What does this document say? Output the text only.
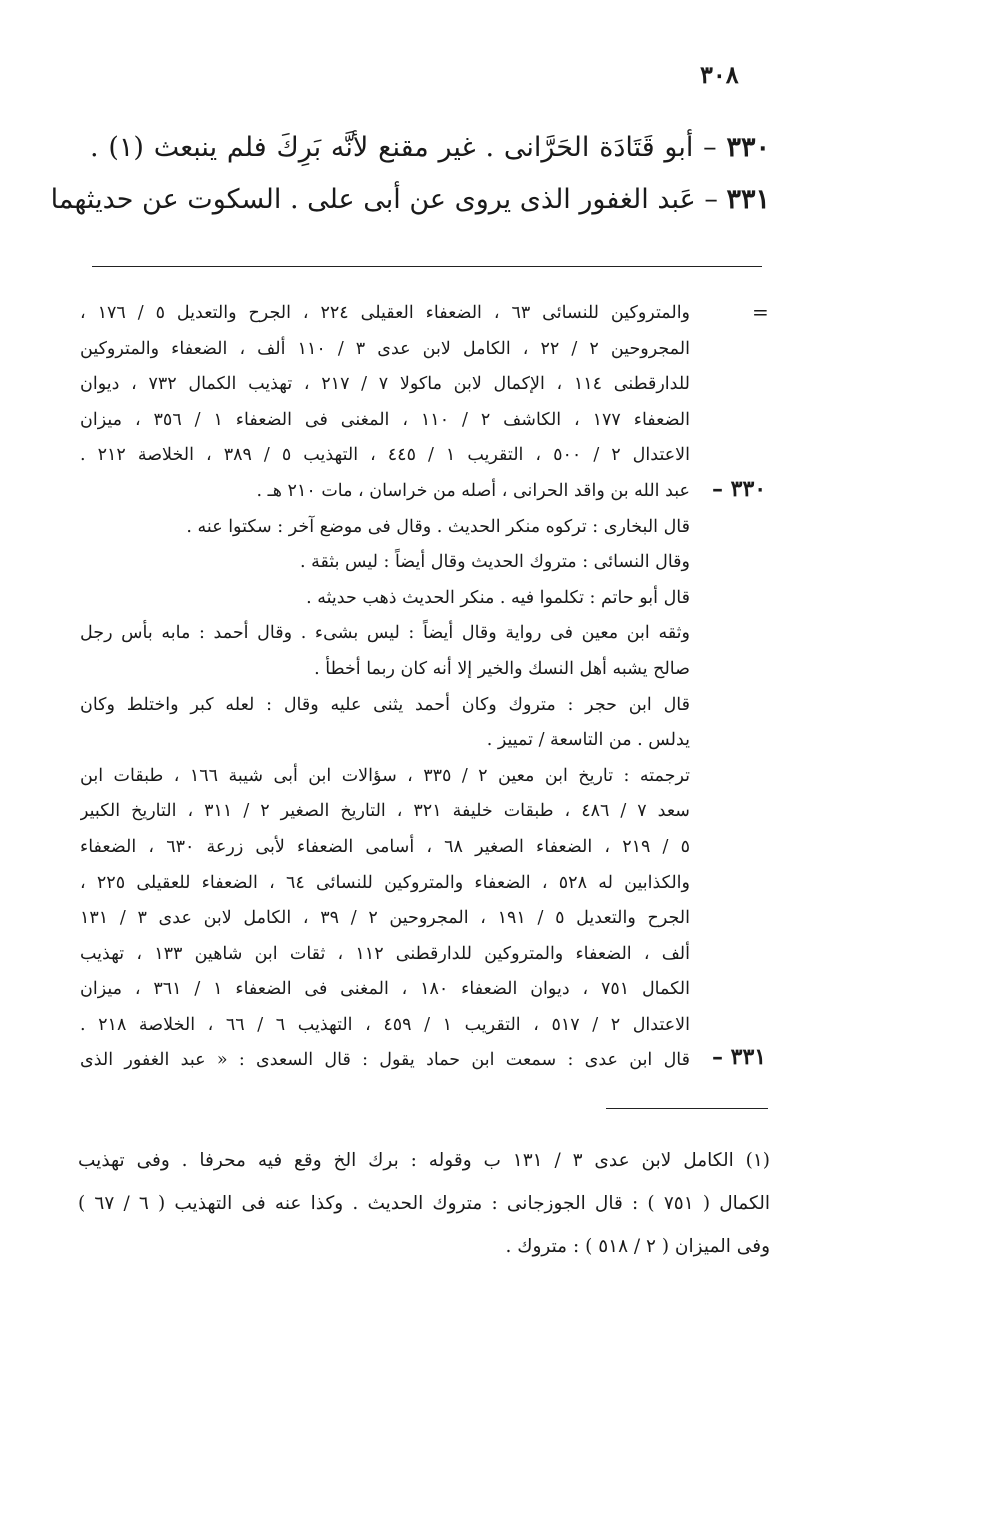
٣٠٨
٣٣٠ – أبو قَتَادَة الحَرَّانى . غير مقنع لأنَّه بَرِكَ فلم ينبعث (١) .
٣٣١ – عَبد الغفور الذى يروى عن أبى على . السكوت عن حديثهما
=
٣٣٠ –
٣٣١ –
والمتروكين للنسائى ٦٣ ، الضعفاء العقيلى ٢٢٤ ، الجرح والتعديل ٥ / ١٧٦ ،
المجروحين ٢ / ٢٢ ، الكامل لابن عدى ٣ / ١١٠ ألف ، الضعفاء والمتروكين
للدارقطنى ١١٤ ، الإكمال لابن ماكولا ٧ / ٢١٧ ، تهذيب الكمال ٧٣٢ ، ديوان
الضعفاء ١٧٧ ، الكاشف ٢ / ١١٠ ، المغنى فى الضعفاء ١ / ٣٥٦ ، ميزان
الاعتدال ٢ / ٥٠٠ ، التقريب ١ / ٤٤٥ ، التهذيب ٥ / ٣٨٩ ، الخلاصة ٢١٢ .
عبد الله بن واقد الحرانى ، أصله من خراسان ، مات ٢١٠ هـ .
قال البخارى : تركوه منكر الحديث . وقال فى موضع آخر : سكتوا عنه .
وقال النسائى : متروك الحديث وقال أيضاً : ليس بثقة .
قال أبو حاتم : تكلموا فيه . منكر الحديث ذهب حديثه .
وثقه ابن معين فى رواية وقال أيضاً : ليس بشىء . وقال أحمد : مابه بأس رجل
صالح يشبه أهل النسك والخير إلا أنه كان ربما أخطأ .
قال ابن حجر : متروك وكان أحمد يثنى عليه وقال : لعله كبر واختلط وكان
يدلس . من التاسعة / تمييز .
ترجمته : تاريخ ابن معين ٢ / ٣٣٥ ، سؤالات ابن أبى شيبة ١٦٦ ، طبقات ابن
سعد ٧ / ٤٨٦ ، طبقات خليفة ٣٢١ ، التاريخ الصغير ٢ / ٣١١ ، التاريخ الكبير
٥ / ٢١٩ ، الضعفاء الصغير ٦٨ ، أسامى الضعفاء لأبى زرعة ٦٣٠ ، الضعفاء
والكذابين له ٥٢٨ ، الضعفاء والمتروكين للنسائى ٦٤ ، الضعفاء للعقيلى ٢٢٥ ،
الجرح والتعديل ٥ / ١٩١ ، المجروحين ٢ / ٣٩ ، الكامل لابن عدى ٣ / ١٣١
ألف ، الضعفاء والمتروكين للدارقطنى ١١٢ ، ثقات ابن شاهين ١٣٣ ، تهذيب
الكمال ٧٥١ ، ديوان الضعفاء ١٨٠ ، المغنى فى الضعفاء ١ / ٣٦١ ، ميزان
الاعتدال ٢ / ٥١٧ ، التقريب ١ / ٤٥٩ ، التهذيب ٦ / ٦٦ ، الخلاصة ٢١٨ .
قال ابن عدى : سمعت ابن حماد يقول : قال السعدى : « عبد الغفور الذى
(١) الكامل لابن عدى ٣ / ١٣١ ب وقوله : برك الخ وقع فيه محرفا . وفى تهذيب
الكمال ( ٧٥١ ) : قال الجوزجانى : متروك الحديث . وكذا عنه فى التهذيب ( ٦ / ٦٧ )
وفى الميزان ( ٢ / ٥١٨ ) : متروك .
